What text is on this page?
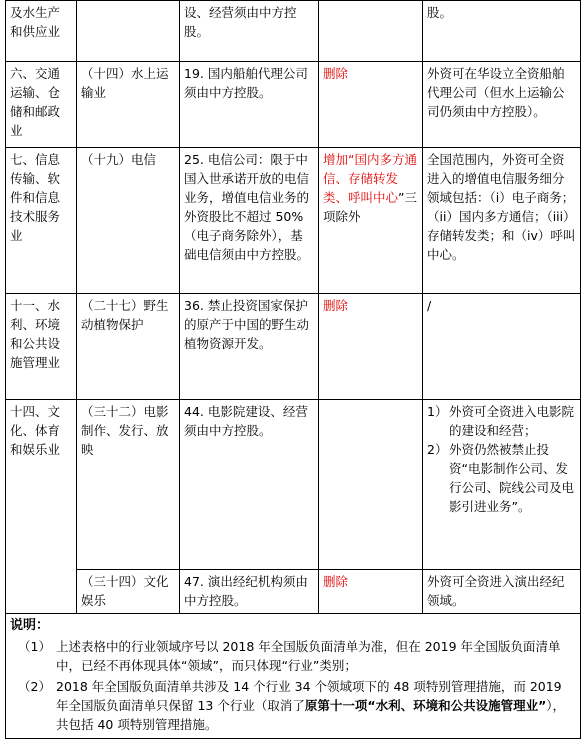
及水生产和供应业		设、经营须由中方控股。		股。
六、交通运输、仓储和邮政业	（十四）水上运输业	19. 国内船舶代理公司须由中方控股。	删除	外资可在华设立全资船舶代理公司（但水上运输公司仍须由中方控股）。
七、信息传输、软件和信息技术服务业	（十九）电信	25. 电信公司：限于中国入世承诺开放的电信业务，增值电信业务的外资股比不超过 50%（电子商务除外），基础电信须由中方控股。	增加“国内多方通信、存储转发类、呼叫中心”三项除外	全国范围内，外资可全资进入的增值电信服务细分领域包括：（i）电子商务；（ii）国内多方通信；（iii）存储转发类；和（iv）呼叫中心。
十一、水利、环境和公共设施管理业	（二十七）野生动植物保护	36. 禁止投资国家保护的原产于中国的野生动植物资源开发。	删除	/
十四、文化、体育和娱乐业	（三十二）电影制作、发行、放映	44. 电影院建设、经营须由中方控股。		1） 外资可全资进入电影院的建设和经营；
2） 外资仍然被禁止投资“电影制作公司、发行公司、院线公司及电影引进业务”。

	（三十四）文化娱乐	47. 演出经纪机构须由中方控股。	删除	外资可全资进入演出经纪领域。

说明：
（1） 上述表格中的行业领域序号以 2018 年全国版负面清单为准，但在 2019 年全国版负面清单中，已经不再体现具体“领域”，而只体现“行业”类别；
（2） 2018 年全国版负面清单共涉及 14 个行业 34 个领域项下的 48 项特别管理措施，而 2019 年全国版负面清单只保留 13 个行业（取消了原第十一项“水利、环境和公共设施管理业”），共包括 40 项特别管理措施。				
